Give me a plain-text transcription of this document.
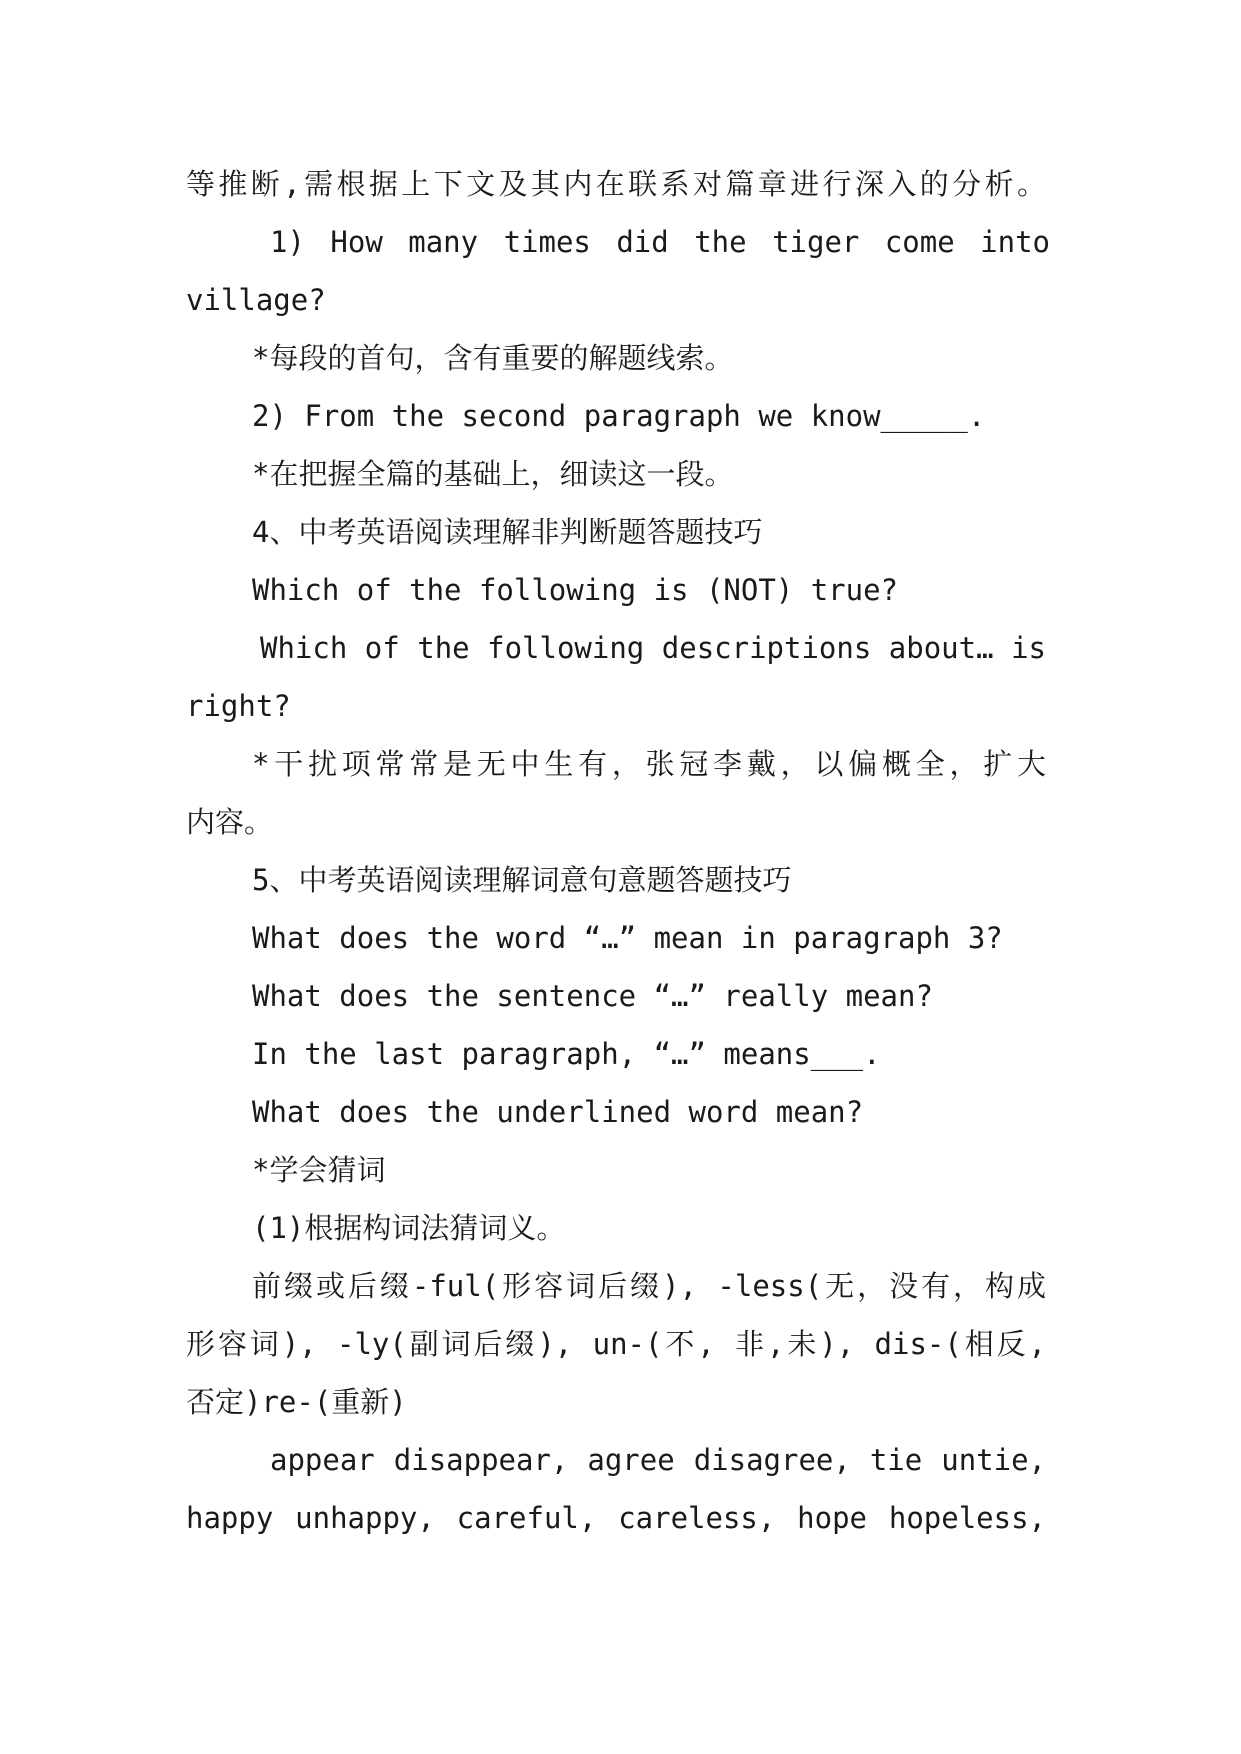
等推断,需根据上下文及其内在联系对篇章进行深入的分析。
1) How many times did the tiger come into
village?
*每段的首句，含有重要的解题线索。
2) From the second paragraph we know_____.
*在把握全篇的基础上，细读这一段。
4、中考英语阅读理解非判断题答题技巧
Which of the following is (NOT) true?
Which of the following descriptions about… is
right?
*干扰项常常是无中生有，张冠李戴，以偏概全，扩大
内容。
5、中考英语阅读理解词意句意题答题技巧
What does the word “…” mean in paragraph 3?
What does the sentence “…” really mean?
In the last paragraph, “…” means___.
What does the underlined word mean?
*学会猜词
(1)根据构词法猜词义。
前缀或后缀-ful(形容词后缀), -less(无，没有，构成
形容词), -ly(副词后缀), un-(不, 非,未), dis-(相反,
否定)re-(重新)
appear disappear, agree disagree, tie untie,
happy unhappy, careful, careless, hope hopeless,
